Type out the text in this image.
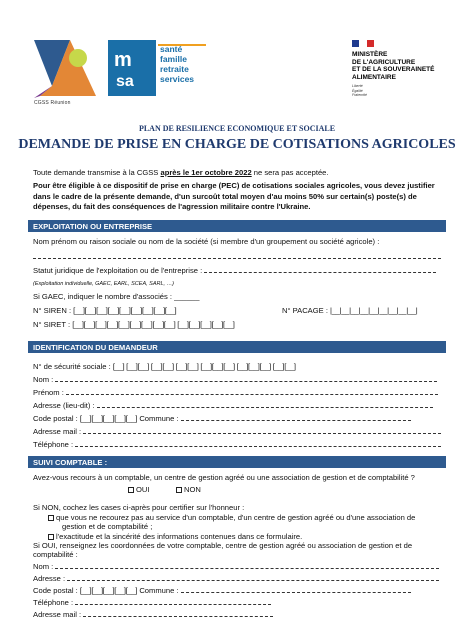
CGSS Réunion
m
sa
santé
famille
retraite
services
MINISTÈRE
DE L'AGRICULTURE
ET DE LA SOUVERAINETÉ
ALIMENTAIRE
Liberté
Égalité
Fraternité
PLAN DE RESILIENCE ECONOMIQUE ET SOCIALE
DEMANDE DE PRISE EN CHARGE DE COTISATIONS AGRICOLES
Toute demande transmise à la CGSS après le 1er octobre 2022 ne sera pas acceptée.
Pour être éligible à ce dispositif de prise en charge (PEC) de cotisations sociales agricoles, vous devez justifier dans le cadre de la présente demande, d'un surcoût total moyen d'au moins 50% sur certain(s) poste(s) de dépenses, du fait des conséquences de l'agression militaire contre l'Ukraine.
EXPLOITATION OU ENTREPRISE
Nom prénom ou raison sociale ou nom de la société (si membre d'un groupement ou société agricole) :
Statut juridique de l'exploitation ou de l'entreprise :
(Exploitation individuelle, GAEC, EARL, SCEA, SARL, …)
Si GAEC, indiquer le nombre d'associés : ______
N° SIREN : [__][__][__][__][__][__][__][__][__]	N° PACAGE : |__|__|__|__|__|__|__|__|__|
N° SIRET : [__][__][__][__][__][__][__][__][__] [__][__][__][__][__]
IDENTIFICATION DU DEMANDEUR
N° de sécurité sociale : [__] [__][__] [__][__] [__][__] [__][__][__] [__][__][__] [__][__]
Nom :
Prénom :
Adresse (lieu-dit) :
Code postal : [__][__][__][__][__] Commune :
Adresse mail :
Téléphone :
SUIVI COMPTABLE :
Avez-vous recours à un comptable, un centre de gestion agréé ou une association de gestion et de comptabilité ?
OUI	NON
Si NON, cochez les cases ci-après pour certifier sur l'honneur :
que vous ne recourez pas au service d'un comptable, d'un centre de gestion agréé ou d'une association de
gestion et de comptabilité ;
l'exactitude et la sincérité des informations contenues dans ce formulaire.
Si OUI, renseignez les coordonnées de votre comptable, centre de gestion agréé ou association de gestion et de
comptabilité :
Nom :
Adresse :
Code postal : [__][__][__][__][__] Commune :
Téléphone :
Adresse mail :
